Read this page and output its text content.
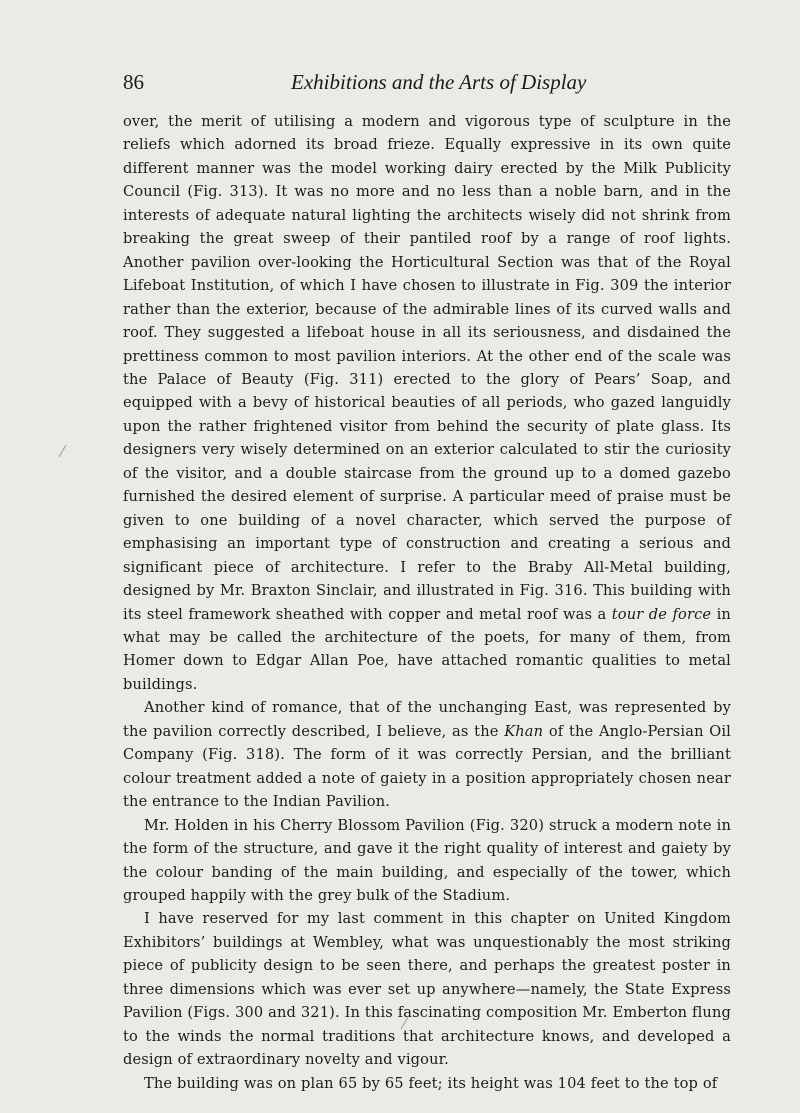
86	Exhibitions and the Arts of Display

over, the merit of utilising a modern and vigorous type of sculpture in the reliefs which adorned its broad frieze. Equally expressive in its own quite different manner was the model working dairy erected by the Milk Publicity Council (Fig. 313). It was no more and no less than a noble barn, and in the interests of adequate natural lighting the architects wisely did not shrink from breaking the great sweep of their pantiled roof by a range of roof lights. Another pavilion over-looking the Horticultural Section was that of the Royal Lifeboat Institution, of which I have chosen to illustrate in Fig. 309 the interior rather than the exterior, because of the admirable lines of its curved walls and roof. They suggested a lifeboat house in all its seriousness, and disdained the prettiness common to most pavilion interiors. At the other end of the scale was the Palace of Beauty (Fig. 311) erected to the glory of Pears’ Soap, and equipped with a bevy of historical beauties of all periods, who gazed languidly upon the rather frightened visitor from behind the security of plate glass. Its designers very wisely determined on an exterior calculated to stir the curiosity of the visitor, and a double staircase from the ground up to a domed gazebo furnished the desired element of surprise. A particular meed of praise must be given to one building of a novel character, which served the purpose of emphasising an important type of construction and creating a serious and significant piece of architecture. I refer to the Braby All-Metal building, designed by Mr. Braxton Sinclair, and illustrated in Fig. 316. This building with its steel framework sheathed with copper and metal roof was a tour de force in what may be called the architecture of the poets, for many of them, from Homer down to Edgar Allan Poe, have attached romantic qualities to metal buildings.

Another kind of romance, that of the unchanging East, was represented by the pavilion correctly described, I believe, as the Khan of the Anglo-Persian Oil Company (Fig. 318). The form of it was correctly Persian, and the brilliant colour treatment added a note of gaiety in a position appropriately chosen near the entrance to the Indian Pavilion.

Mr. Holden in his Cherry Blossom Pavilion (Fig. 320) struck a modern note in the form of the structure, and gave it the right quality of interest and gaiety by the colour banding of the main building, and especially of the tower, which grouped happily with the grey bulk of the Stadium.

I have reserved for my last comment in this chapter on United Kingdom Exhibitors’ buildings at Wembley, what was unquestionably the most striking piece of publicity design to be seen there, and perhaps the greatest poster in three dimensions which was ever set up anywhere—namely, the State Express Pavilion (Figs. 300 and 321). In this fascinating composition Mr. Emberton flung to the winds the normal traditions that architecture knows, and developed a design of extraordinary novelty and vigour.

The building was on plan 65 by 65 feet; its height was 104 feet to the top of
